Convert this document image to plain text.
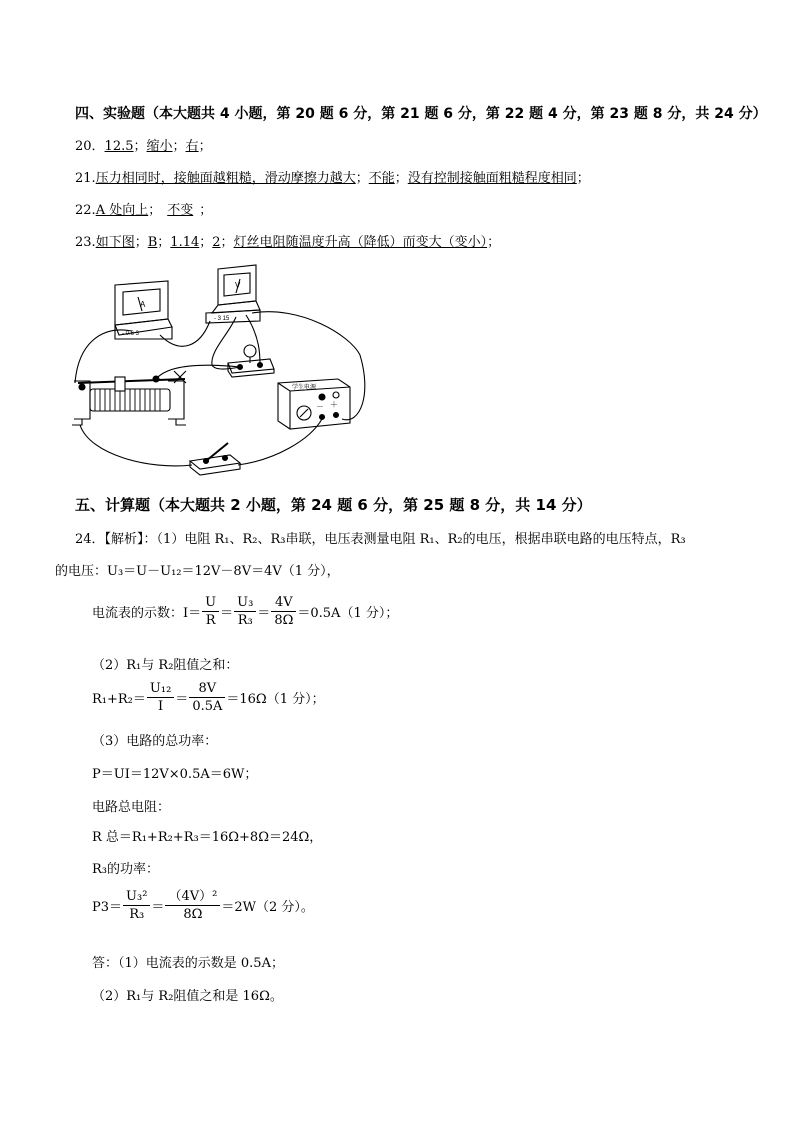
四、实验题（本大题共 4 小题，第 20 题 6 分，第 21 题 6 分，第 22 题 4 分，第 23 题 8 分，共 24 分）
20．12.5；缩小；右；
21.压力相同时，接触面越粗糙，滑动摩擦力越大；不能；没有控制接触面粗糙程度相同；
22.A 处向上； 不变 ；
23.如下图；B；1.14；2；灯丝电阻随温度升高（降低）而变大（变小）；
A
- 0.6 3
V
- 3 15
学生电源
－ ＋
五、计算题（本大题共 2 小题，第 24 题 6 分，第 25 题 8 分，共 14 分）
24．【解析】：（1）电阻 R₁、R₂、R₃串联，电压表测量电阻 R₁、R₂的电压，根据串联电路的电压特点，R₃
的电压：U₃＝U－U₁₂＝12V－8V＝4V（1 分），
电流表的示数：$I= \frac{U}{R} = \frac{\text{U₃}}{\text{R₃}} = \frac{4V}{8\Omega} =0.5A(1$ 分）；
（2）R₁与 R₂阻值之和：
$R_1+R_2= \frac{\text{U₁₂}}{I} = \frac{8V}{0.5A} =16\Omega(1$ 分）；
（3）电路的总功率：
P＝UI＝12V×0.5A＝6W；
电路总电阻：
R 总＝R₁+R₂+R₃＝16Ω+8Ω＝24Ω，
R₃的功率：
$P3= \frac{\text{U₃²}}{\text{R₃}} = \frac{\text{（4V）²}}{8\Omega} =2W(2$ 分）。
答：（1）电流表的示数是 0.5A；
（2）R₁与 R₂阻值之和是 16Ω。
